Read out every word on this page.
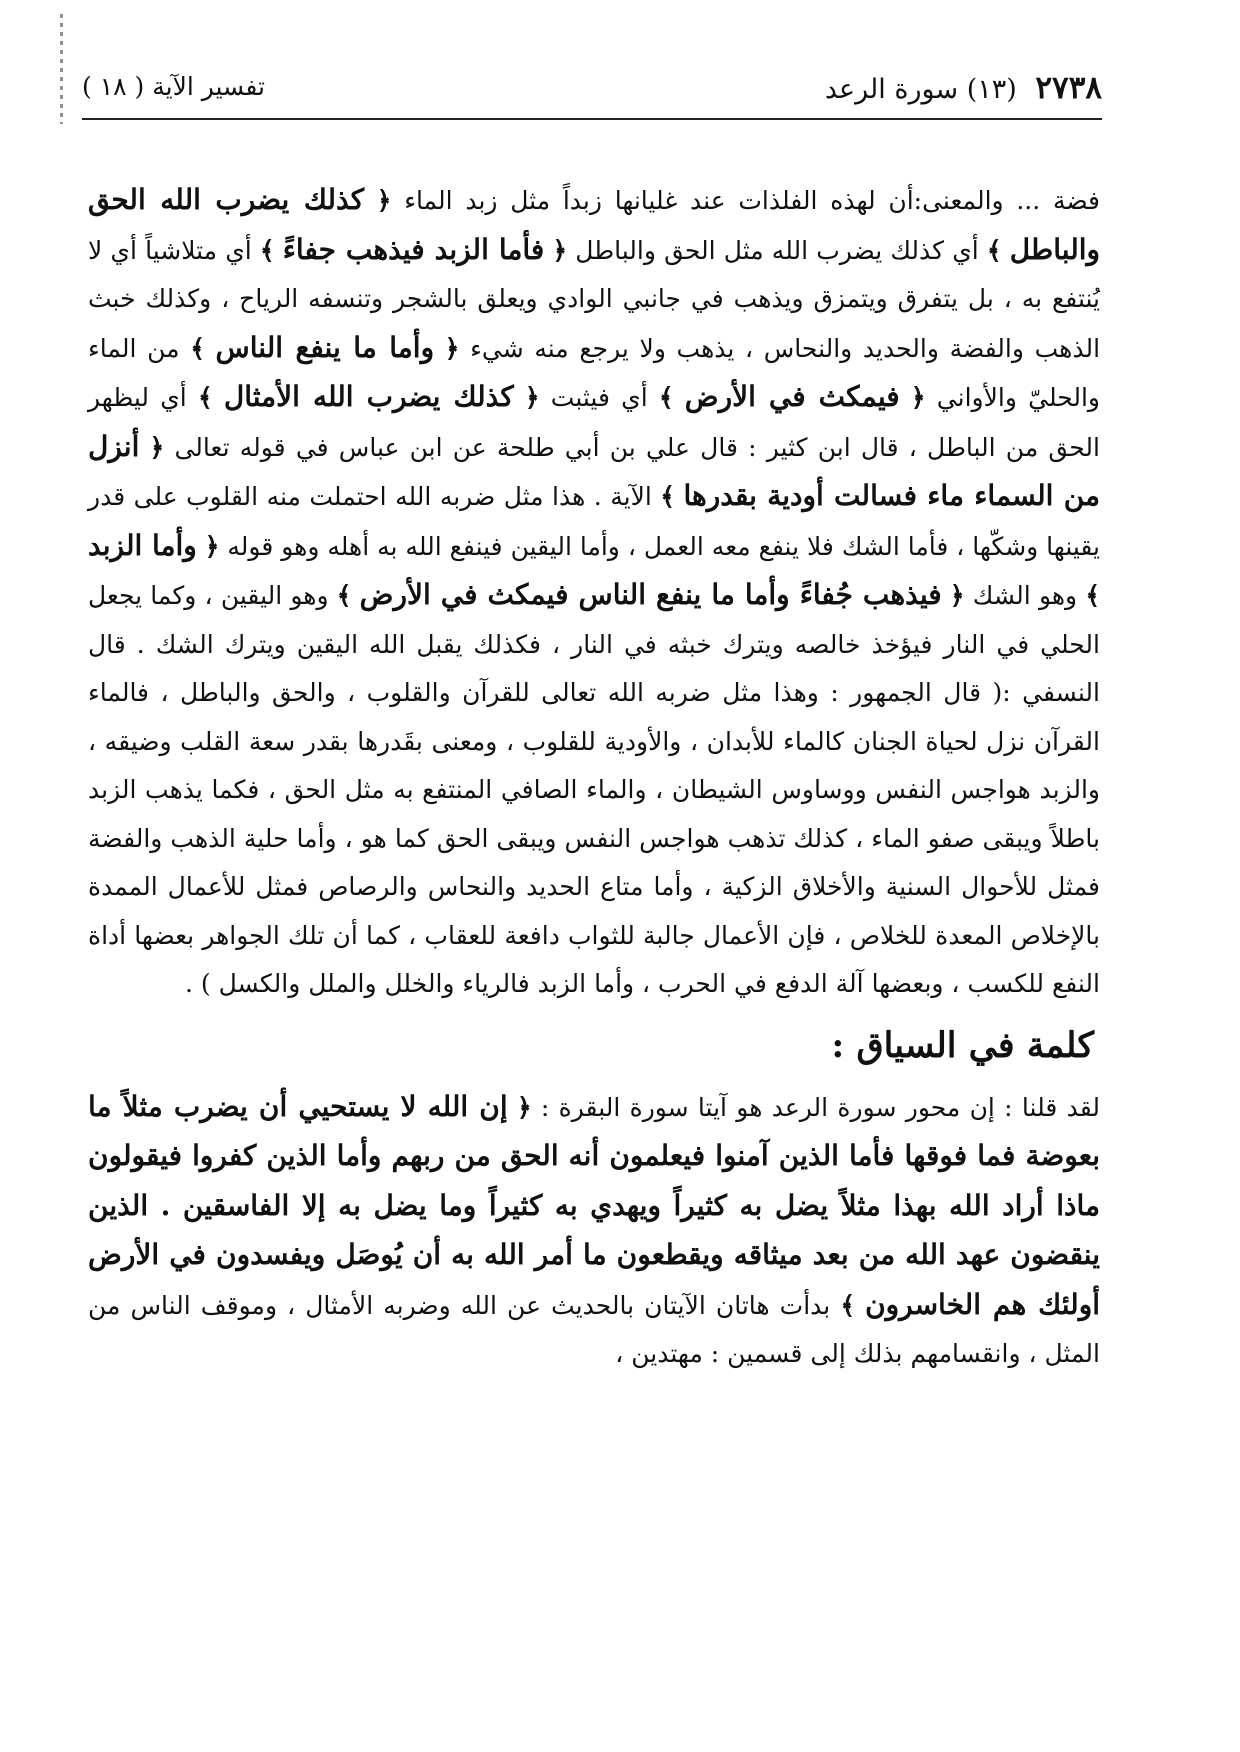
٢٧٣٨ (١٣) سورة الرعد
تفسير الآية ( ١٨ )

فضة ... والمعنى:أن لهذه الفلذات عند غليانها زبداً مثل زبد الماء ﴿ كذلك يضرب الله الحق والباطل ﴾ أي كذلك يضرب الله مثل الحق والباطل ﴿ فأما الزبد فيذهب جفاءً ﴾ أي متلاشياً أي لا يُنتفع به ، بل يتفرق ويتمزق ويذهب في جانبي الوادي ويعلق بالشجر وتنسفه الرياح ، وكذلك خبث الذهب والفضة والحديد والنحاس ، يذهب ولا يرجع منه شيء ﴿ وأما ما ينفع الناس ﴾ من الماء والحليّ والأواني ﴿ فيمكث في الأرض ﴾ أي فيثبت ﴿ كذلك يضرب الله الأمثال ﴾ أي ليظهر الحق من الباطل ، قال ابن كثير : قال علي بن أبي طلحة عن ابن عباس في قوله تعالى ﴿ أنزل من السماء ماء فسالت أودية بقدرها ﴾ الآية . هذا مثل ضربه الله احتملت منه القلوب على قدر يقينها وشكّها ، فأما الشك فلا ينفع معه العمل ، وأما اليقين فينفع الله به أهله وهو قوله ﴿ وأما الزبد ﴾ وهو الشك ﴿ فيذهب جُفاءً وأما ما ينفع الناس فيمكث في الأرض ﴾ وهو اليقين ، وكما يجعل الحلي في النار فيؤخذ خالصه ويترك خبثه في النار ، فكذلك يقبل الله اليقين ويترك الشك . قال النسفي :( قال الجمهور : وهذا مثل ضربه الله تعالى للقرآن والقلوب ، والحق والباطل ، فالماء القرآن نزل لحياة الجنان كالماء للأبدان ، والأودية للقلوب ، ومعنى بقَدرها بقدر سعة القلب وضيقه ، والزبد هواجس النفس ووساوس الشيطان ، والماء الصافي المنتفع به مثل الحق ، فكما يذهب الزبد باطلاً ويبقى صفو الماء ، كذلك تذهب هواجس النفس ويبقى الحق كما هو ، وأما حلية الذهب والفضة فمثل للأحوال السنية والأخلاق الزكية ، وأما متاع الحديد والنحاس والرصاص فمثل للأعمال الممدة بالإخلاص المعدة للخلاص ، فإن الأعمال جالبة للثواب دافعة للعقاب ، كما أن تلك الجواهر بعضها أداة النفع للكسب ، وبعضها آلة الدفع في الحرب ، وأما الزبد فالرياء والخلل والملل والكسل ) .

كلمة في السياق :

لقد قلنا : إن محور سورة الرعد هو آيتا سورة البقرة : ﴿ إن الله لا يستحيي أن يضرب مثلاً ما بعوضة فما فوقها فأما الذين آمنوا فيعلمون أنه الحق من ربهم وأما الذين كفروا فيقولون ماذا أراد الله بهذا مثلاً يضل به كثيراً ويهدي به كثيراً وما يضل به إلا الفاسقين . الذين ينقضون عهد الله من بعد ميثاقه ويقطعون ما أمر الله به أن يُوصَل ويفسدون في الأرض أولئك هم الخاسرون ﴾ بدأت هاتان الآيتان بالحديث عن الله وضربه الأمثال ، وموقف الناس من المثل ، وانقسامهم بذلك إلى قسمين : مهتدين ،
